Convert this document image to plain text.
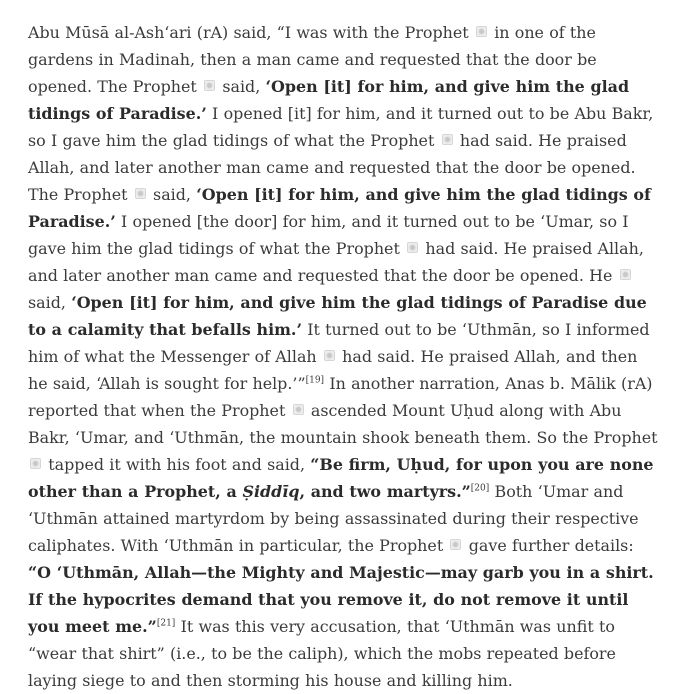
Abu Mūsā al-Ash‘ari (rA) said, “I was with the Prophet  in one of the gardens in Madinah, then a man came and requested that the door be opened. The Prophet  said, ‘Open [it] for him, and give him the glad tidings of Paradise.’ I opened [it] for him, and it turned out to be Abu Bakr, so I gave him the glad tidings of what the Prophet  had said. He praised Allah, and later another man came and requested that the door be opened. The Prophet  said, ‘Open [it] for him, and give him the glad tidings of Paradise.’ I opened [the door] for him, and it turned out to be ‘Umar, so I gave him the glad tidings of what the Prophet  had said. He praised Allah, and later another man came and requested that the door be opened. He  said, ‘Open [it] for him, and give him the glad tidings of Paradise due to a calamity that befalls him.’ It turned out to be ‘Uthmān, so I informed him of what the Messenger of Allah  had said. He praised Allah, and then he said, ‘Allah is sought for help.’”[19] In another narration, Anas b. Mālik (rA) reported that when the Prophet  ascended Mount Uḥud along with Abu Bakr, ‘Umar, and ‘Uthmān, the mountain shook beneath them. So the Prophet  tapped it with his foot and said, “Be firm, Uḥud, for upon you are none other than a Prophet, a Ṣiddīq, and two martyrs.”[20] Both ‘Umar and ‘Uthmān attained martyrdom by being assassinated during their respective caliphates. With ‘Uthmān in particular, the Prophet  gave further details: “O ‘Uthmān, Allah—the Mighty and Majestic—may garb you in a shirt. If the hypocrites demand that you remove it, do not remove it until you meet me.”[21] It was this very accusation, that ‘Uthmān was unfit to “wear that shirt” (i.e., to be the caliph), which the mobs repeated before laying siege to and then storming his house and killing him.
